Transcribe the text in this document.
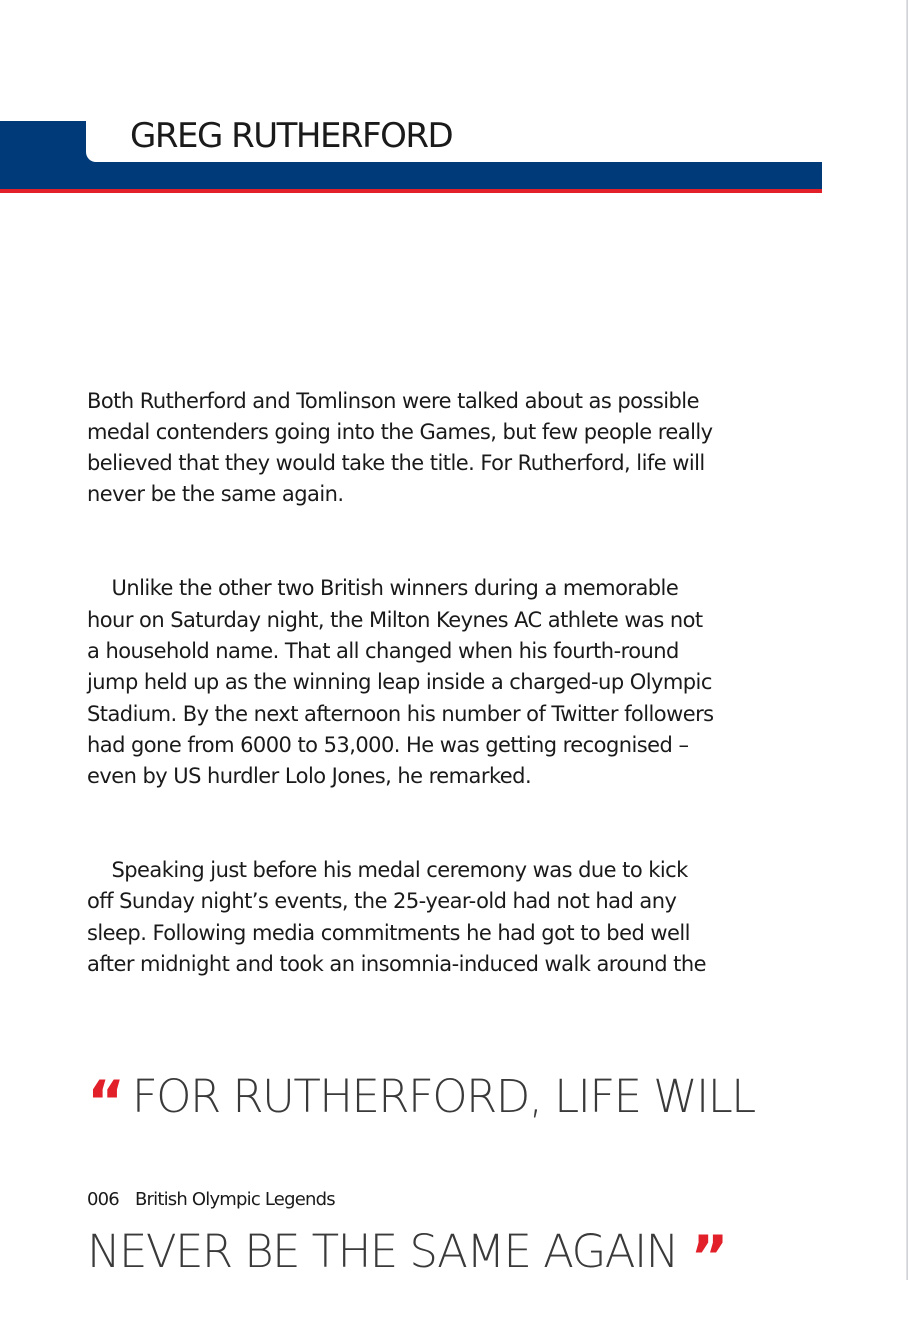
GREG RUTHERFORD

Both Rutherford and Tomlinson were talked about as possible
medal contenders going into the Games, but few people really
believed that they would take the title. For Rutherford, life will
never be the same again.

Unlike the other two British winners during a memorable
hour on Saturday night, the Milton Keynes AC athlete was not
a household name. That all changed when his fourth-round
jump held up as the winning leap inside a charged-up Olympic
Stadium. By the next afternoon his number of Twitter followers
had gone from 6000 to 53,000. He was getting recognised –
even by US hurdler Lolo Jones, he remarked.

Speaking just before his medal ceremony was due to kick
off Sunday night’s events, the 25-year-old had not had any
sleep. Following media commitments he had got to bed well
after midnight and took an insomnia-induced walk around the

“ FOR RUTHERFORD, LIFE WILL

NEVER BE THE SAME AGAIN ”

006 British Olympic Legends
